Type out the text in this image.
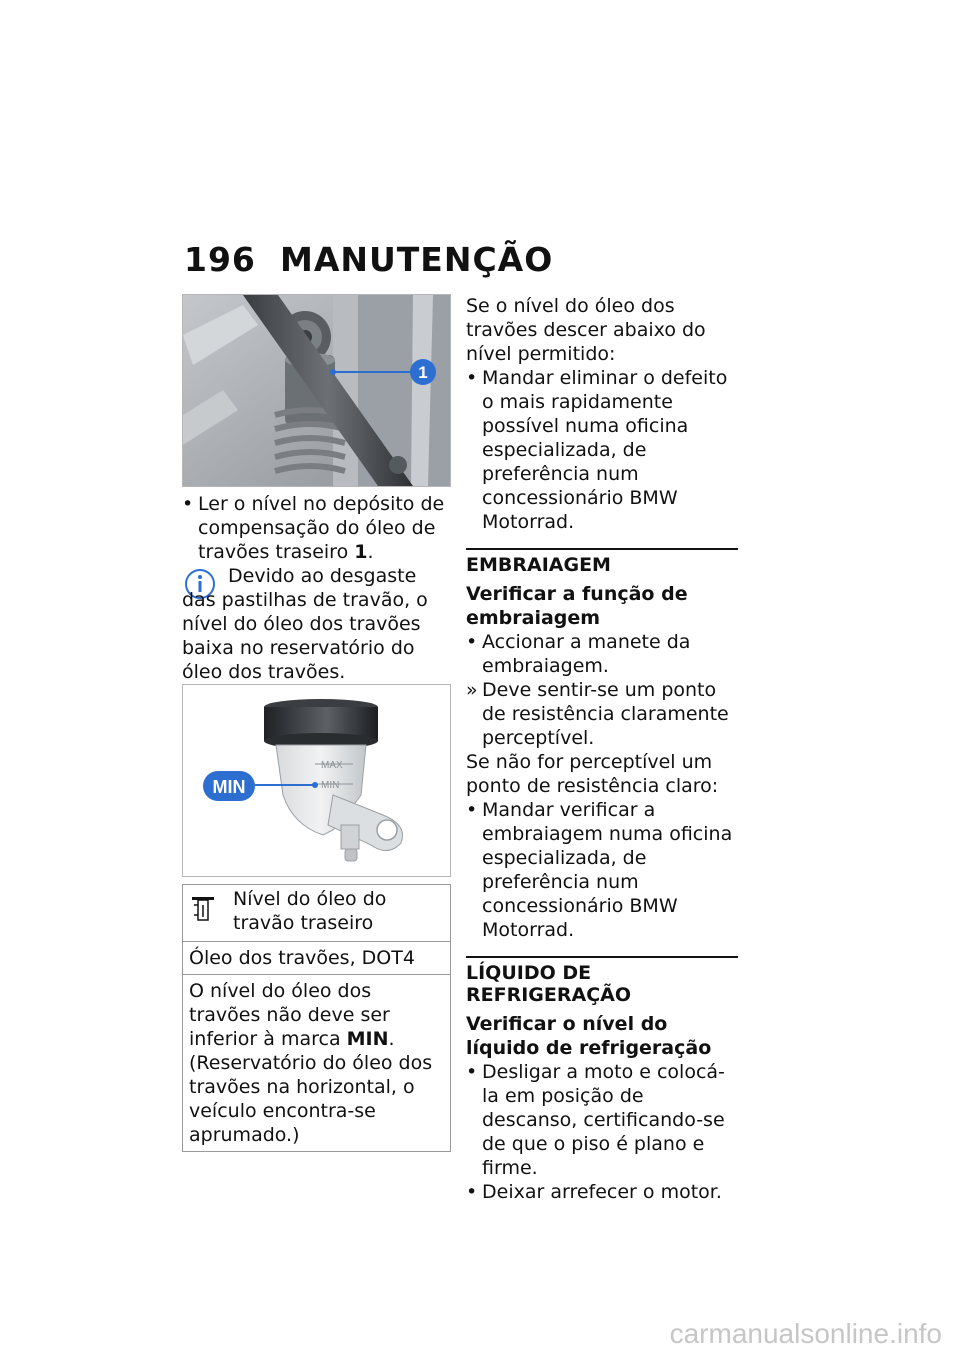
196 MANUTENÇÃO
1
• Ler o nível no depósito de compensação do óleo de travões traseiro 1.
Devido ao desgaste das pastilhas de travão, o nível do óleo dos travões baixa no reservatório do óleo dos travões.
MAX
MIN
MIN
Nível do óleo do travão traseiro
Óleo dos travões, DOT4
O nível do óleo dos travões não deve ser inferior à marca MIN. (Reservatório do óleo dos travões na horizontal, o veículo encontra-se aprumado.)
Se o nível do óleo dos travões descer abaixo do nível permitido:
• Mandar eliminar o defeito o mais rapidamente possível numa oficina especializada, de preferência num concessionário BMW Motorrad.
EMBRAIAGEM
Verificar a função de embraiagem
• Accionar a manete da embraiagem.
» Deve sentir-se um ponto de resistência claramente perceptível.
Se não for perceptível um ponto de resistência claro:
• Mandar verificar a embraiagem numa oficina especializada, de preferência num concessionário BMW Motorrad.
LÍQUIDO DE REFRIGERAÇÃO
Verificar o nível do líquido de refrigeração
• Desligar a moto e colocá-la em posição de descanso, certificando-se de que o piso é plano e firme.
• Deixar arrefecer o motor.
carmanualsonline.info
